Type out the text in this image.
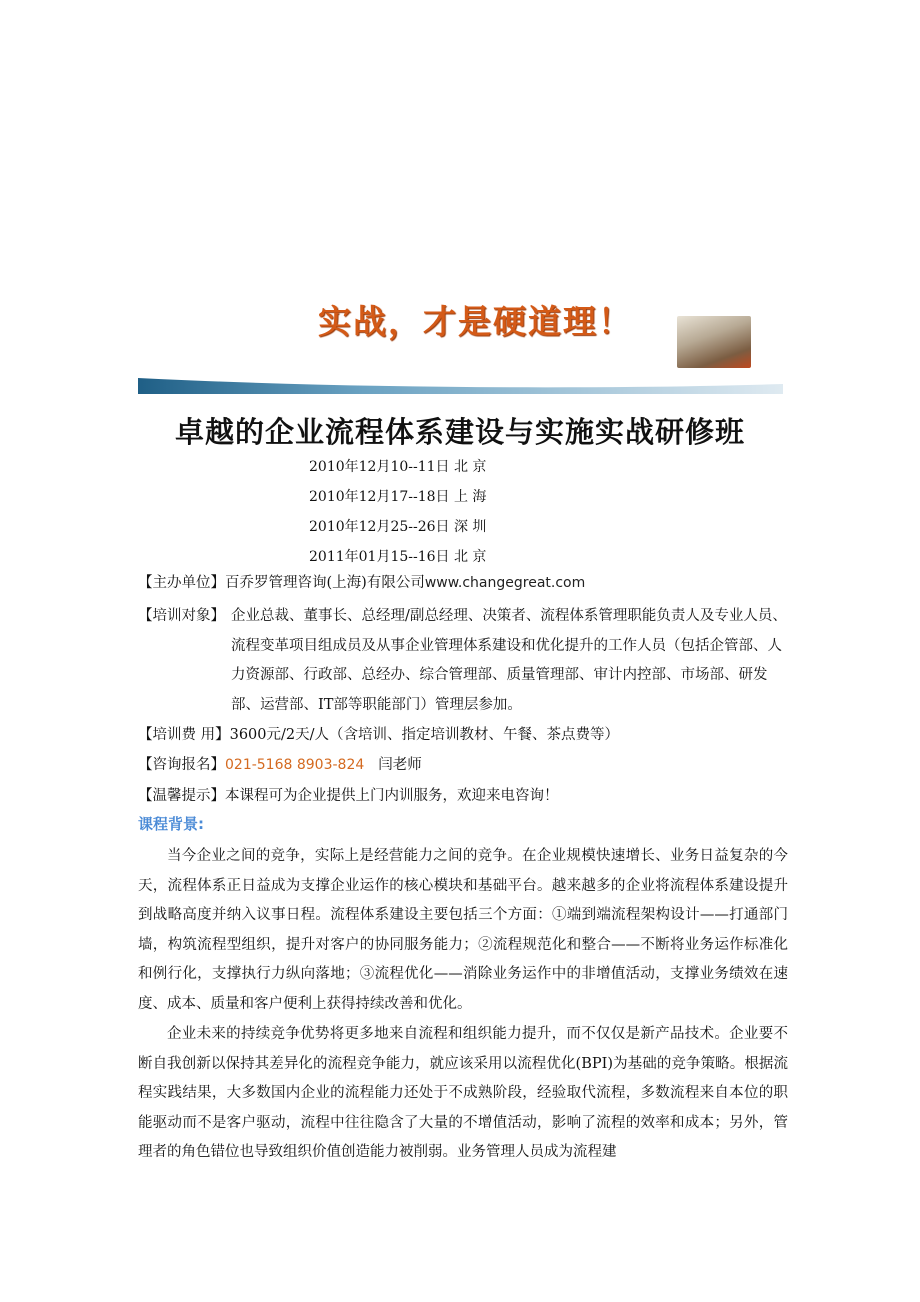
实战，才是硬道理！
卓越的企业流程体系建设与实施实战研修班
2010年12月10--11日 北 京
2010年12月17--18日 上 海
2010年12月25--26日 深 圳
2011年01月15--16日 北 京
【主办单位】百乔罗管理咨询(上海)有限公司www.changegreat.com
【培训对象】 企业总裁、董事长、总经理/副总经理、决策者、流程体系管理职能负责人及专业人员、流程变革项目组成员及从事企业管理体系建设和优化提升的工作人员（包括企管部、人力资源部、行政部、总经办、综合管理部、质量管理部、审计内控部、市场部、研发部、运营部、IT部等职能部门）管理层参加。
【培训费 用】3600元/2天/人（含培训、指定培训教材、午餐、茶点费等）
【咨询报名】021-5168 8903-824 闫老师
【温馨提示】本课程可为企业提供上门内训服务，欢迎来电咨询！
课程背景:
当今企业之间的竞争，实际上是经营能力之间的竞争。在企业规模快速增长、业务日益复杂的今天，流程体系正日益成为支撑企业运作的核心模块和基础平台。越来越多的企业将流程体系建设提升到战略高度并纳入议事日程。流程体系建设主要包括三个方面：①端到端流程架构设计——打通部门墙，构筑流程型组织，提升对客户的协同服务能力；②流程规范化和整合——不断将业务运作标准化和例行化，支撑执行力纵向落地；③流程优化——消除业务运作中的非增值活动，支撑业务绩效在速度、成本、质量和客户便利上获得持续改善和优化。
企业未来的持续竞争优势将更多地来自流程和组织能力提升，而不仅仅是新产品技术。企业要不断自我创新以保持其差异化的流程竞争能力，就应该采用以流程优化(BPI)为基础的竞争策略。根据流程实践结果，大多数国内企业的流程能力还处于不成熟阶段，经验取代流程，多数流程来自本位的职能驱动而不是客户驱动，流程中往往隐含了大量的不增值活动，影响了流程的效率和成本；另外，管理者的角色错位也导致组织价值创造能力被削弱。业务管理人员成为流程建
